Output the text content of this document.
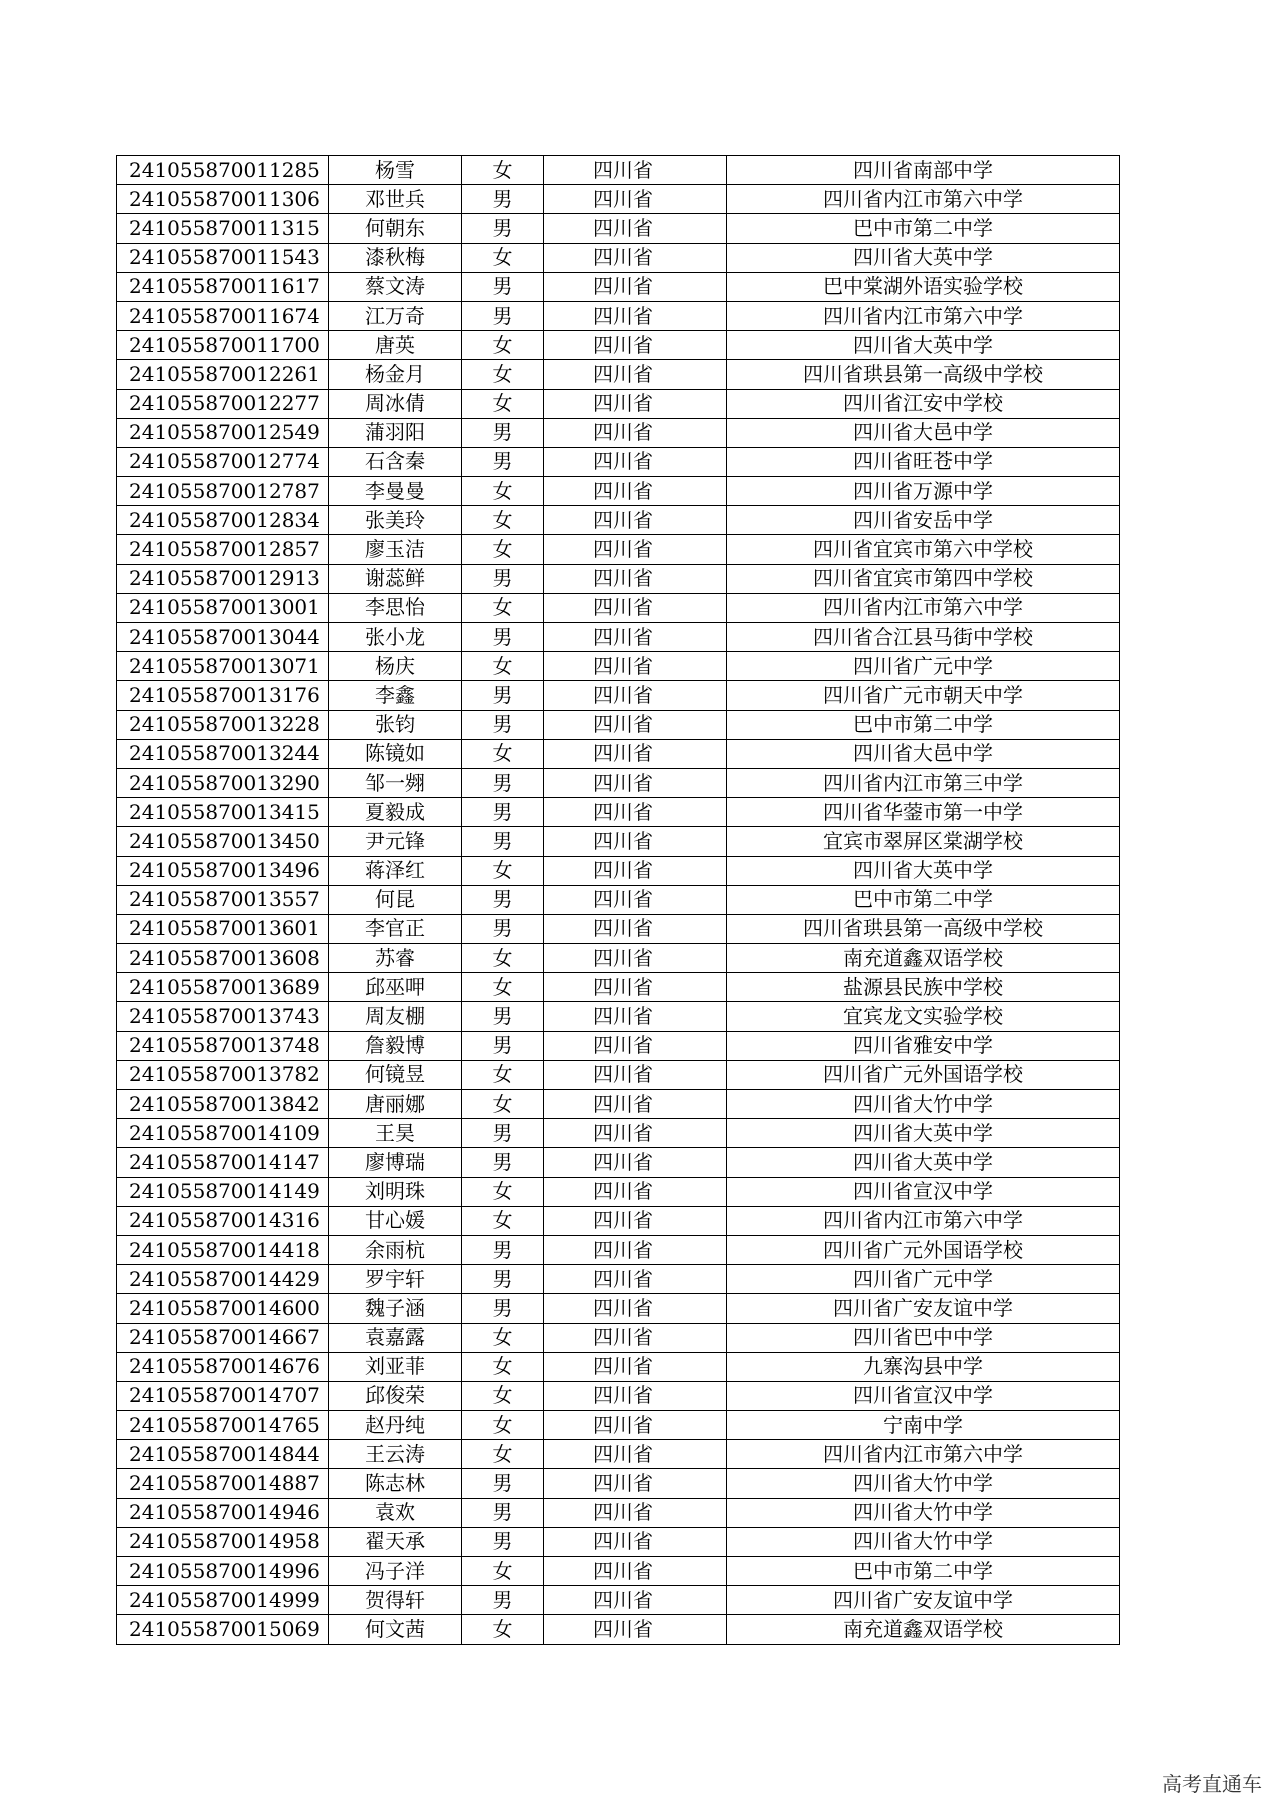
241055870011285	杨雪	女	四川省	四川省南部中学
241055870011306	邓世兵	男	四川省	四川省内江市第六中学
241055870011315	何朝东	男	四川省	巴中市第二中学
241055870011543	漆秋梅	女	四川省	四川省大英中学
241055870011617	蔡文涛	男	四川省	巴中棠湖外语实验学校
241055870011674	江万奇	男	四川省	四川省内江市第六中学
241055870011700	唐英	女	四川省	四川省大英中学
241055870012261	杨金月	女	四川省	四川省珙县第一高级中学校
241055870012277	周冰倩	女	四川省	四川省江安中学校
241055870012549	蒲羽阳	男	四川省	四川省大邑中学
241055870012774	石含秦	男	四川省	四川省旺苍中学
241055870012787	李曼曼	女	四川省	四川省万源中学
241055870012834	张美玲	女	四川省	四川省安岳中学
241055870012857	廖玉洁	女	四川省	四川省宜宾市第六中学校
241055870012913	谢蕊鲜	男	四川省	四川省宜宾市第四中学校
241055870013001	李思怡	女	四川省	四川省内江市第六中学
241055870013044	张小龙	男	四川省	四川省合江县马街中学校
241055870013071	杨庆	女	四川省	四川省广元中学
241055870013176	李鑫	男	四川省	四川省广元市朝天中学
241055870013228	张钧	男	四川省	巴中市第二中学
241055870013244	陈镜如	女	四川省	四川省大邑中学
241055870013290	邹一翙	男	四川省	四川省内江市第三中学
241055870013415	夏毅成	男	四川省	四川省华蓥市第一中学
241055870013450	尹元锋	男	四川省	宜宾市翠屏区棠湖学校
241055870013496	蒋泽红	女	四川省	四川省大英中学
241055870013557	何昆	男	四川省	巴中市第二中学
241055870013601	李官正	男	四川省	四川省珙县第一高级中学校
241055870013608	苏睿	女	四川省	南充道鑫双语学校
241055870013689	邱巫呷	女	四川省	盐源县民族中学校
241055870013743	周友棚	男	四川省	宜宾龙文实验学校
241055870013748	詹毅博	男	四川省	四川省雅安中学
241055870013782	何镜昱	女	四川省	四川省广元外国语学校
241055870013842	唐丽娜	女	四川省	四川省大竹中学
241055870014109	王昊	男	四川省	四川省大英中学
241055870014147	廖博瑞	男	四川省	四川省大英中学
241055870014149	刘明珠	女	四川省	四川省宣汉中学
241055870014316	甘心媛	女	四川省	四川省内江市第六中学
241055870014418	余雨杭	男	四川省	四川省广元外国语学校
241055870014429	罗宇轩	男	四川省	四川省广元中学
241055870014600	魏子涵	男	四川省	四川省广安友谊中学
241055870014667	袁嘉露	女	四川省	四川省巴中中学
241055870014676	刘亚菲	女	四川省	九寨沟县中学
241055870014707	邱俊荣	女	四川省	四川省宣汉中学
241055870014765	赵丹纯	女	四川省	宁南中学
241055870014844	王云涛	女	四川省	四川省内江市第六中学
241055870014887	陈志林	男	四川省	四川省大竹中学
241055870014946	袁欢	男	四川省	四川省大竹中学
241055870014958	翟天承	男	四川省	四川省大竹中学
241055870014996	冯子洋	女	四川省	巴中市第二中学
241055870014999	贺得轩	男	四川省	四川省广安友谊中学
241055870015069	何文茜	女	四川省	南充道鑫双语学校
高考直通车
